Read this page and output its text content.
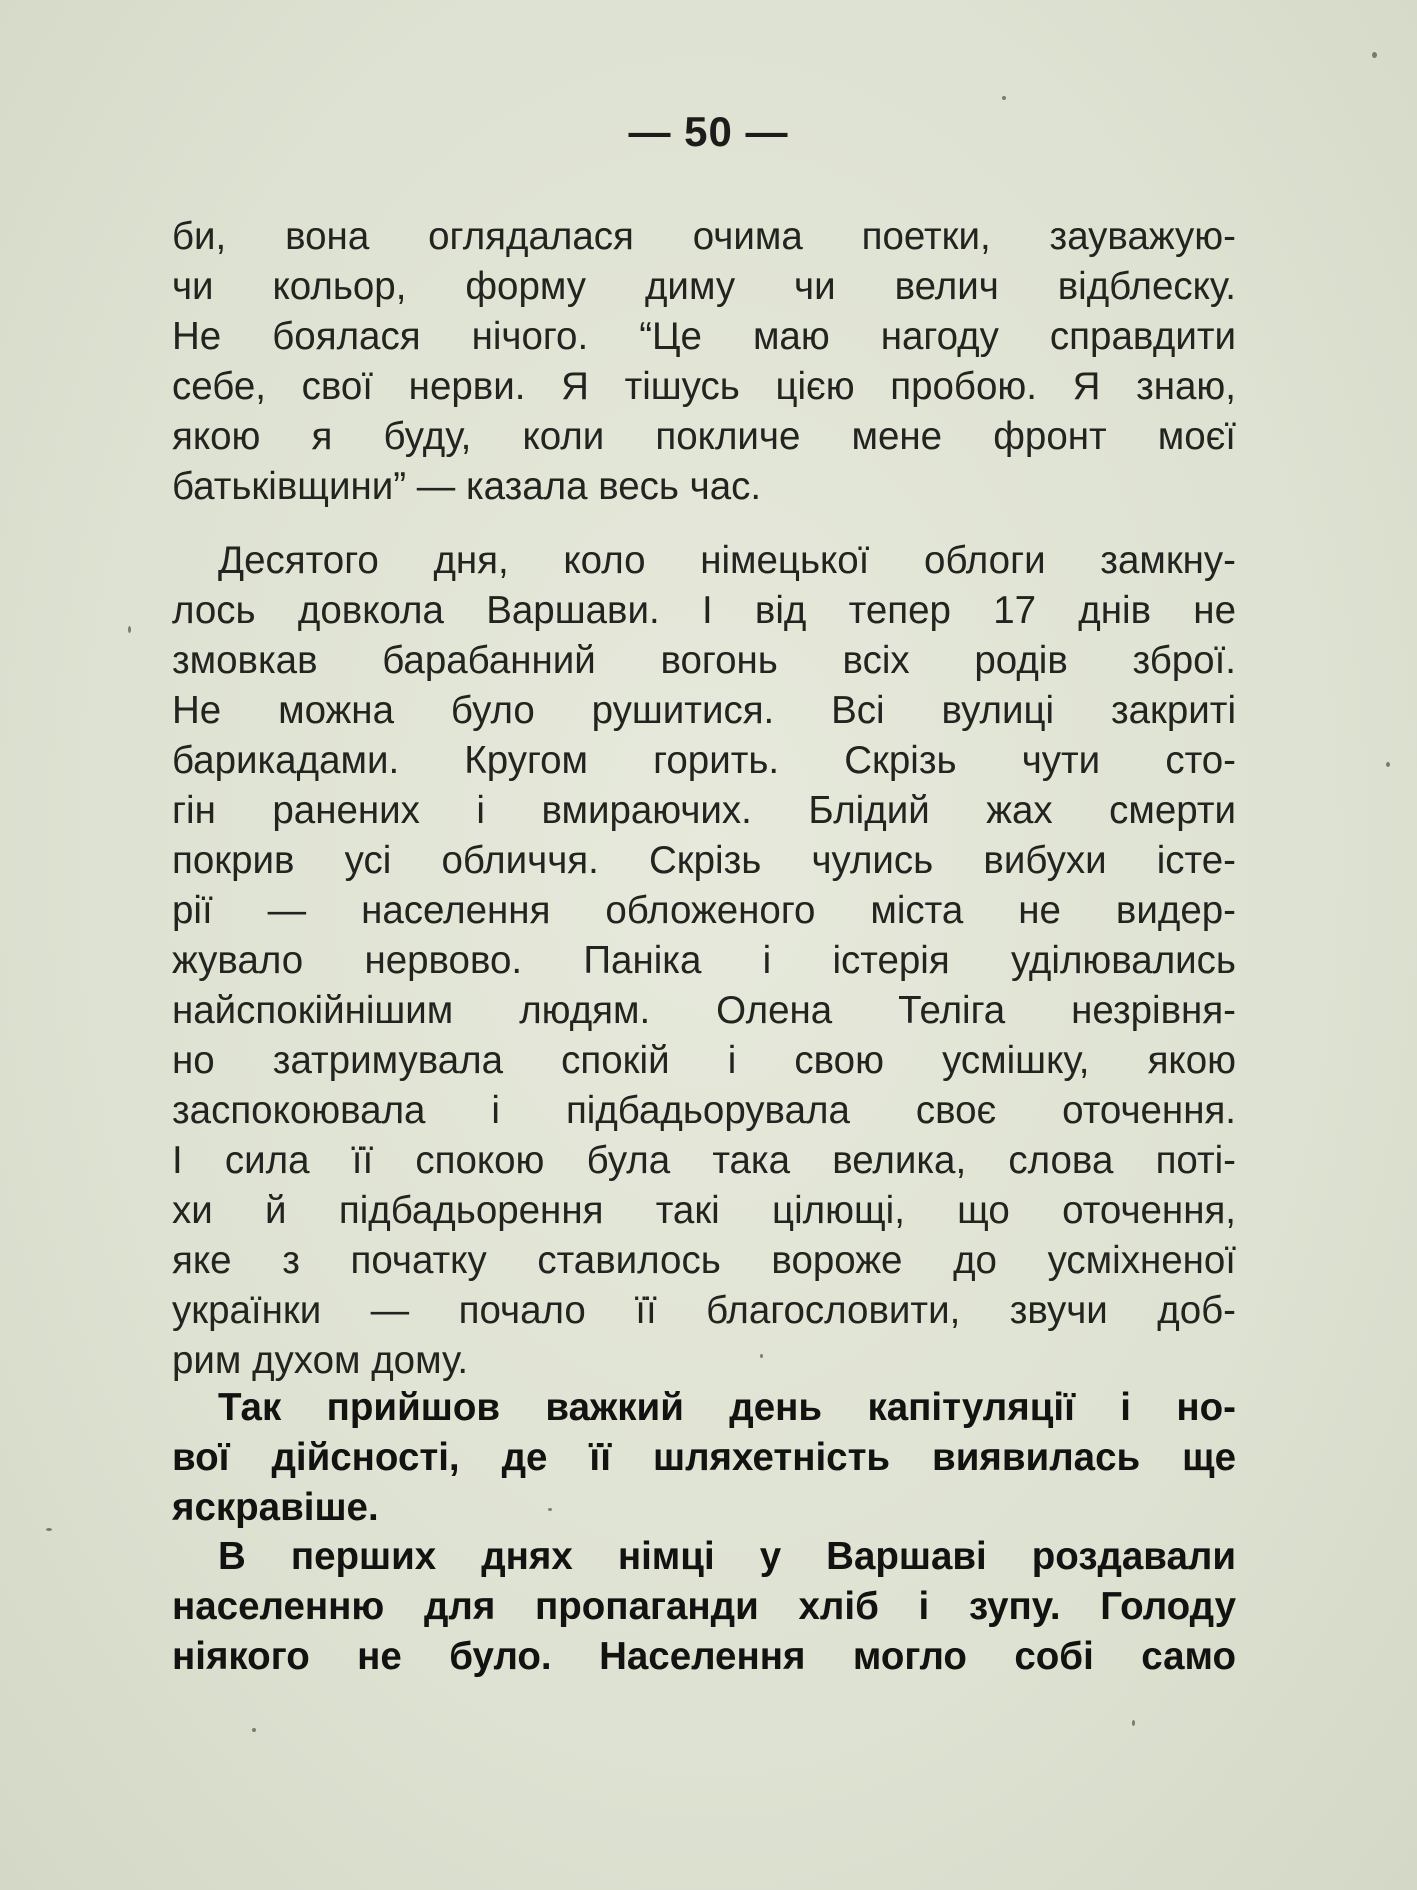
— 50 —
би, вона оглядалася очима поетки, зауважую-
чи кольор, форму диму чи велич відблеску.
Не боялася нічого. “Це маю нагоду справдити
себе, свої нерви. Я тішусь цією пробою. Я знаю,
якою я буду, коли покличе мене фронт моєї
батьківщини” — казала весь час.
Десятого дня, коло німецької облоги замкну-
лось довкола Варшави. І від тепер 17 днів не
змовкав барабанний вогонь всіх родів зброї.
Не можна було рушитися. Всі вулиці закриті
барикадами. Кругом горить. Скрізь чути сто-
гін ранених і вмираючих. Блідий жах смерти
покрив усі обличчя. Скрізь чулись вибухи істе-
рії — населення обложеного міста не видер-
жувало нервово. Паніка і істерія уділювались
найспокійнішим людям. Олена Теліга незрівня-
но затримувала спокій і свою усмішку, якою
заспокоювала і підбадьорувала своє оточення.
І сила її спокою була така велика, слова поті-
хи й підбадьорення такі цілющі, що оточення,
яке з початку ставилось вороже до усміхненої
українки — почало її благословити, звучи доб-
рим духом дому.
Так прийшов важкий день капітуляції і но-
вої дійсності, де її шляхетність виявилась ще
яскравіше.
В перших днях німці у Варшаві роздавали
населенню для пропаганди хліб і зупу. Голоду
ніякого не було. Населення могло собі само
